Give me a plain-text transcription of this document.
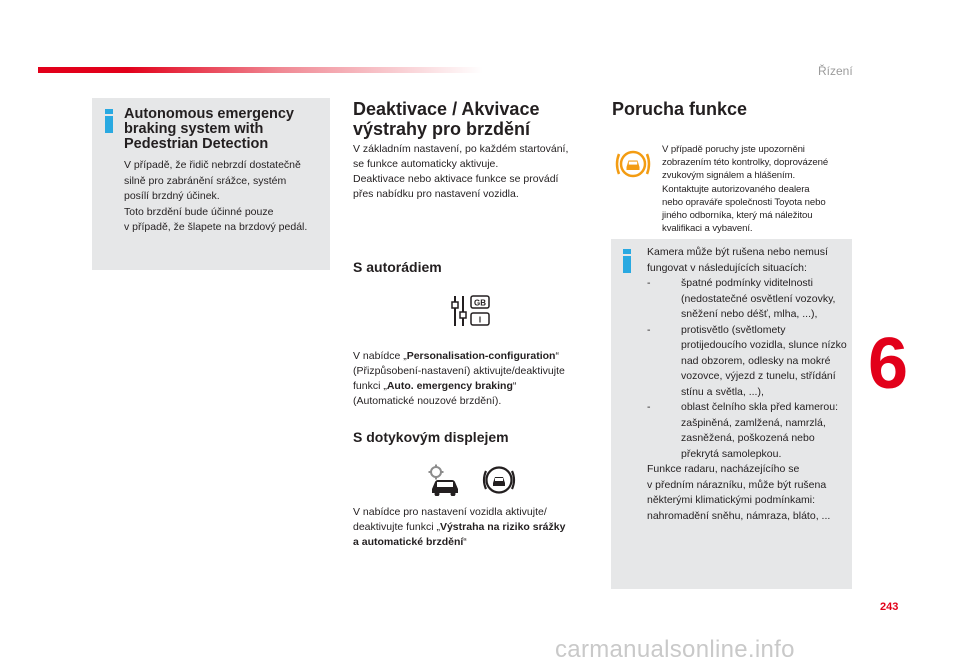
Řízení
6
243
carmanualsonline.info
Autonomous emergency braking system with Pedestrian Detection
V případě, že řidič nebrzdí dostatečně
silně pro zabránění srážce, systém
posílí brzdný účinek.
Toto brzdění bude účinné pouze
v případě, že šlapete na brzdový pedál.
Deaktivace / Akvivace výstrahy pro brzdění
V základním nastavení, po každém startování,
se funkce automaticky aktivuje.
Deaktivace nebo aktivace funkce se provádí
přes nabídku pro nastavení vozidla.
S autorádiem
GB
I
V nabídce „Personalisation-configuration“
(Přizpůsobení-nastavení) aktivujte/deaktivujte
funkci „Auto. emergency braking“
(Automatické nouzové brzdění).
S dotykovým displejem
V nabídce pro nastavení vozidla aktivujte/
deaktivujte funkci „Výstraha na riziko srážky
a automatické brzdění“
Porucha funkce
V případě poruchy jste upozorněni
zobrazením této kontrolky, doprovázené
zvukovým signálem a hlášením.
Kontaktujte autorizovaného dealera
nebo opravářе společnosti Toyota nebo
jiného odborníka, který má náležitou
kvalifikaci a vybavení.
Kamera může být rušena nebo nemusí
fungovat v následujících situacích:
-	špatné podmínky viditelnosti
(nedostatečné osvětlení vozovky,
sněžení nebo déšť, mlha, ...),
-	protisvětlo (světlomety
protijedoucího vozidla, slunce nízko
nad obzorem, odlesky na mokré
vozovce, výjezd z tunelu, střídání
stínu a světla, ...),
-	oblast čelního skla před kamerou:
zašpiněná, zamlžená, namrzlá,
zasněžená, poškozená nebo
překrytá samolepkou.
Funkce radaru, nacházejícího se
v předním nárazníku, může být rušena
některými klimatickými podmínkami:
nahromadění sněhu, námraza, bláto, ...
